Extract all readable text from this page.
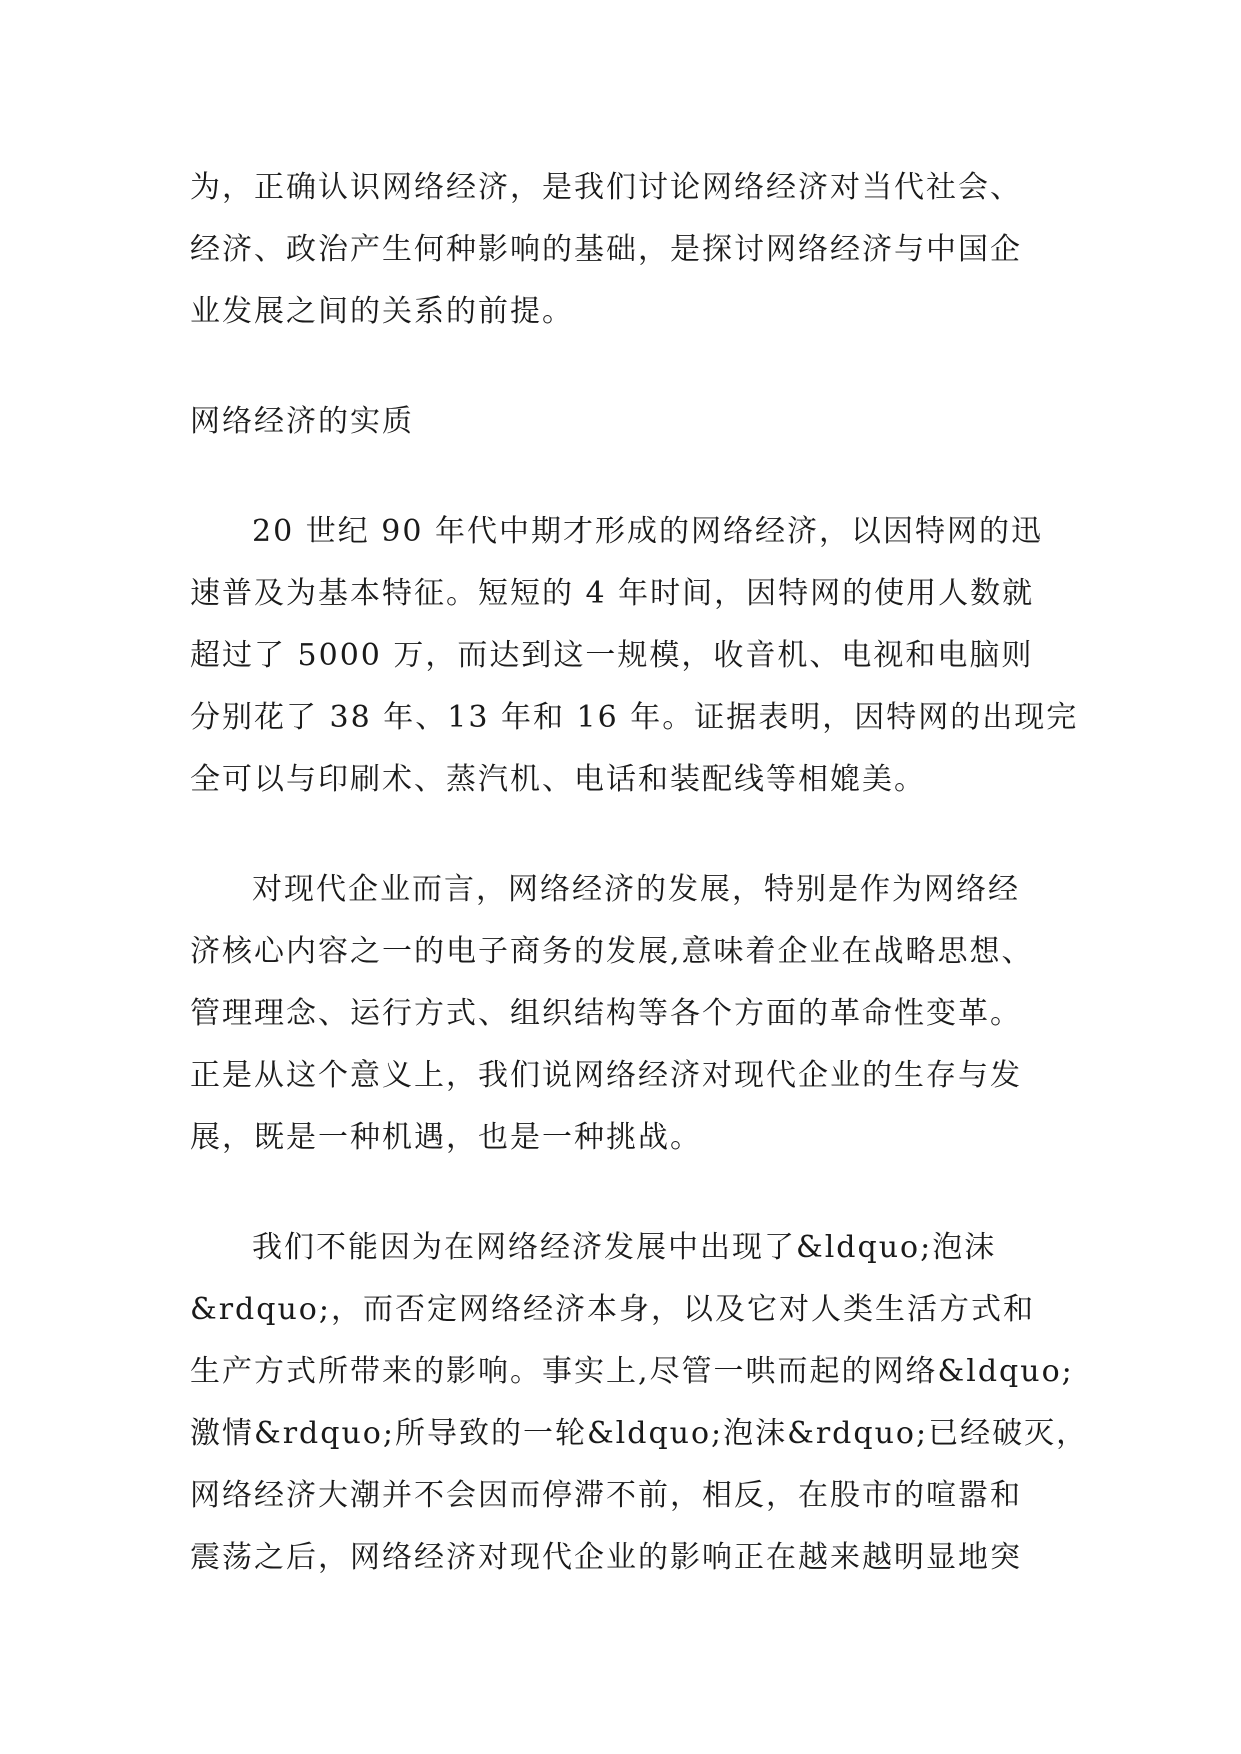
为，正确认识网络经济，是我们讨论网络经济对当代社会、
经济、政治产生何种影响的基础，是探讨网络经济与中国企
业发展之间的关系的前提。
网络经济的实质
20 世纪 90 年代中期才形成的网络经济，以因特网的迅
速普及为基本特征。短短的 4 年时间，因特网的使用人数就
超过了 5000 万，而达到这一规模，收音机、电视和电脑则
分别花了 38 年、13 年和 16 年。证据表明，因特网的出现完
全可以与印刷术、蒸汽机、电话和装配线等相媲美。
对现代企业而言，网络经济的发展，特别是作为网络经
济核心内容之一的电子商务的发展,意味着企业在战略思想、
管理理念、运行方式、组织结构等各个方面的革命性变革。
正是从这个意义上，我们说网络经济对现代企业的生存与发
展，既是一种机遇，也是一种挑战。
我们不能因为在网络经济发展中出现了&ldquo;泡沫
&rdquo;，而否定网络经济本身，以及它对人类生活方式和
生产方式所带来的影响。事实上,尽管一哄而起的网络&ldquo;
激情&rdquo;所导致的一轮&ldquo;泡沫&rdquo;已经破灭，
网络经济大潮并不会因而停滞不前，相反，在股市的喧嚣和
震荡之后，网络经济对现代企业的影响正在越来越明显地突
